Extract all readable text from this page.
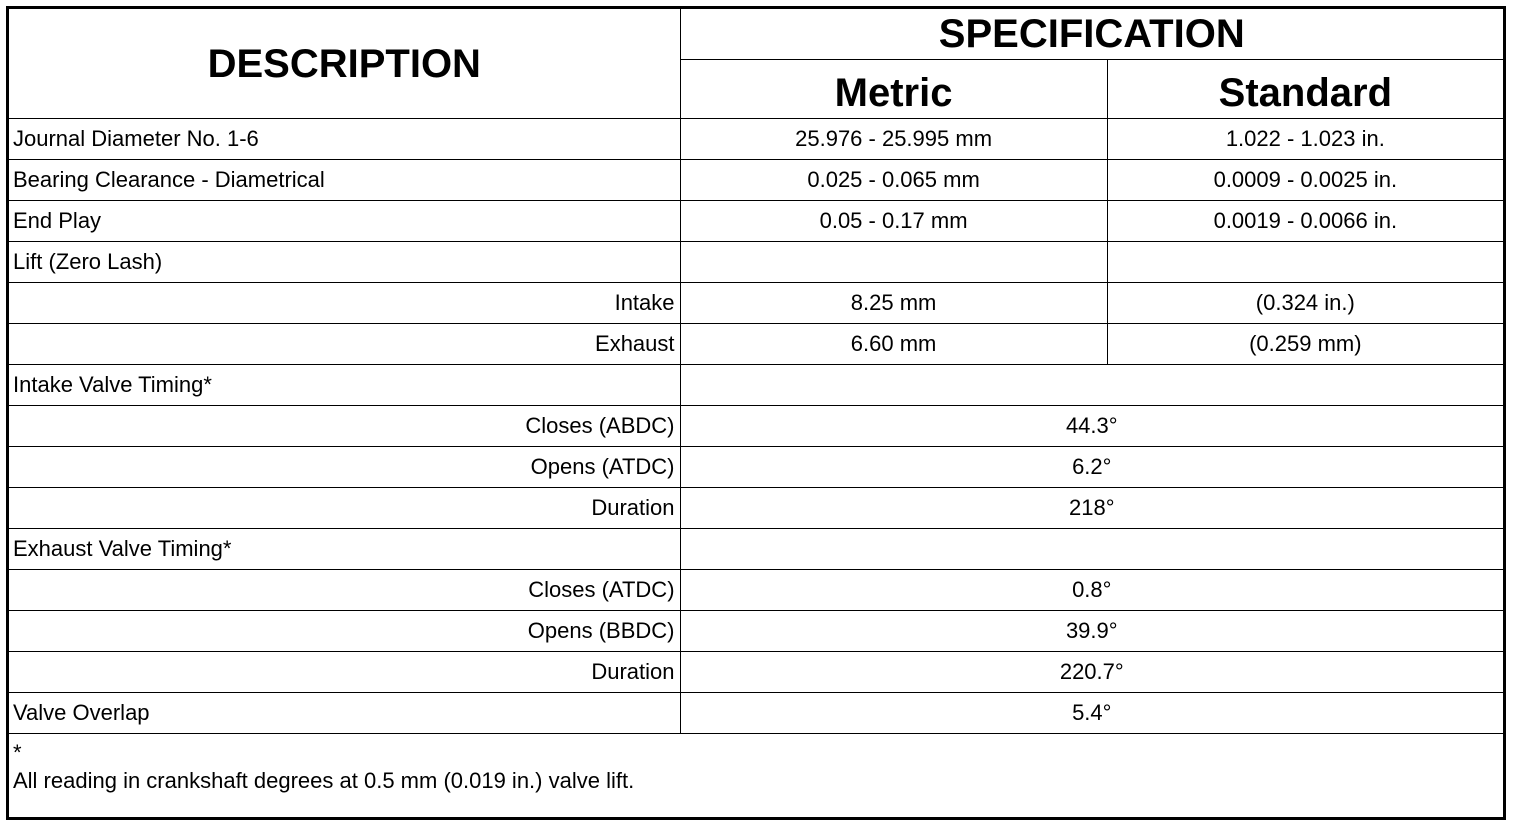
DESCRIPTION	SPECIFICATION	
	Metric	Standard
Journal Diameter No. 1-6	25.976 - 25.995 mm	1.022 - 1.023 in.
Bearing Clearance - Diametrical	0.025 - 0.065 mm	0.0009 - 0.0025 in.
End Play	0.05 - 0.17 mm	0.0019 - 0.0066 in.
Lift (Zero Lash)		
Intake	8.25 mm	(0.324 in.)
Exhaust	6.60 mm	(0.259 mm)
Intake Valve Timing*		
Closes (ABDC)	44.3°	
Opens (ATDC)	6.2°	
Duration	218°	
Exhaust Valve Timing*		
Closes (ATDC)	0.8°	
Opens (BBDC)	39.9°	
Duration	220.7°	
Valve Overlap	5.4°	

*
All reading in crankshaft degrees at 0.5 mm (0.019 in.) valve lift.		
